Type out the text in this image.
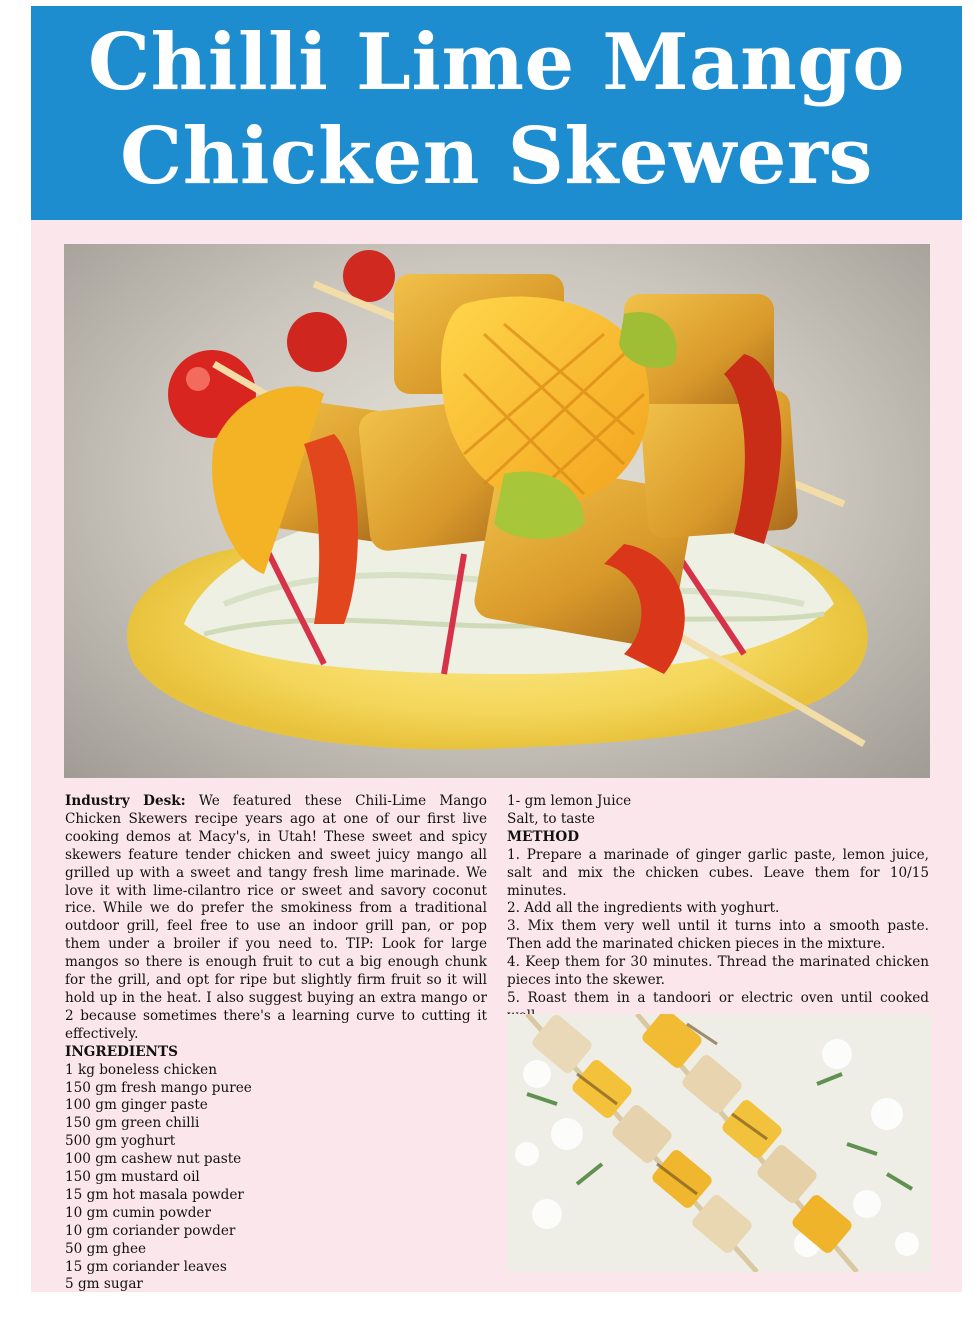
Chilli Lime Mango
Chicken Skewers

Industry Desk: We featured these Chili-Lime Mango Chicken Skewers recipe years ago at one of our first live cooking demos at Macy's, in Utah! These sweet and spicy skewers feature tender chicken and sweet juicy mango all grilled up with a sweet and tangy fresh lime marinade. We love it with lime-cilantro rice or sweet and savory coconut rice. While we do prefer the smokiness from a traditional outdoor grill, feel free to use an indoor grill pan, or pop them under a broiler if you need to. TIP: Look for large mangos so there is enough fruit to cut a big enough chunk for the grill, and opt for ripe but slightly firm fruit so it will hold up in the heat. I also suggest buying an extra mango or 2 because sometimes there's a learning curve to cutting it effectively.

INGREDIENTS

1 kg boneless chicken
150 gm fresh mango puree
100 gm ginger paste
150 gm green chilli
500 gm yoghurt
100 gm cashew nut paste
150 gm mustard oil
15 gm hot masala powder
10 gm cumin powder
10 gm coriander powder
50 gm ghee
15 gm coriander leaves
5 gm sugar
1- gm lemon Juice
Salt, to taste

METHOD

1. Prepare a marinade of ginger garlic paste, lemon juice, salt and mix the chicken cubes. Leave them for 10/15 minutes.

2. Add all the ingredients with yoghurt.

3. Mix them very well until it turns into a smooth paste. Then add the marinated chicken pieces in the mixture.

4. Keep them for 30 minutes. Thread the marinated chicken pieces into the skewer.

5. Roast them in a tandoori or electric oven until cooked
